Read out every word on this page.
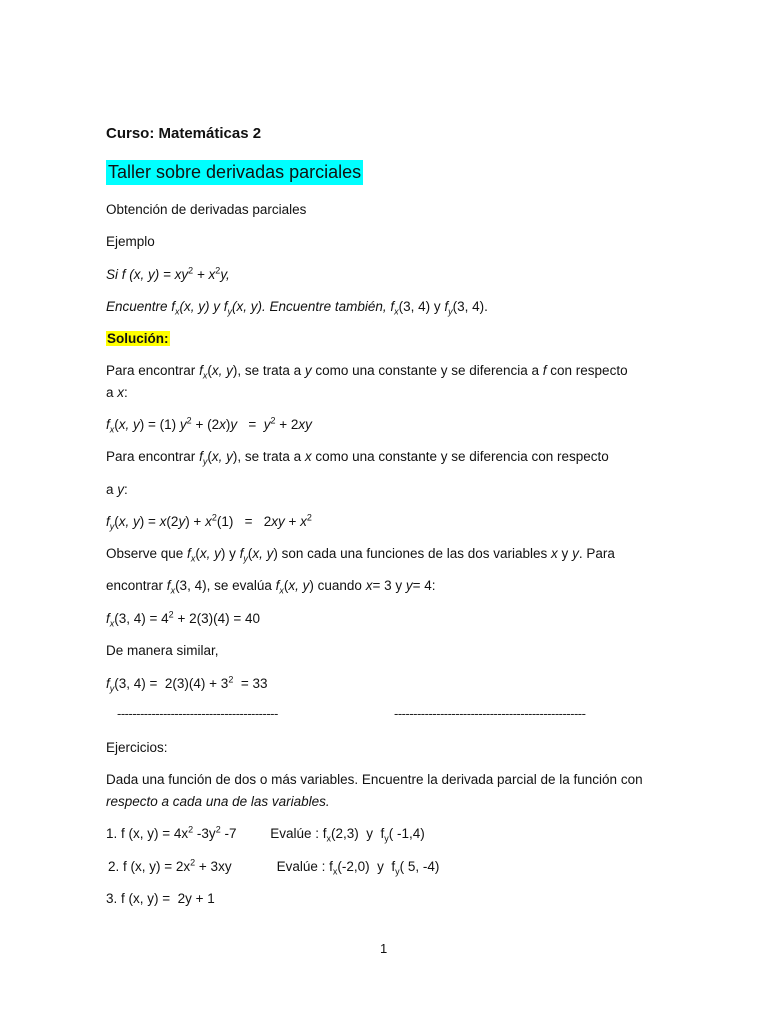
Curso: Matemáticas 2
Taller sobre derivadas parciales
Obtención de derivadas parciales
Ejemplo
Si f (x, $y) = xy^2 + x^2y$,
Encuentre $f_x(x$, y) y $f_y(x$, y). Encuentre también, $f_x(3$, 4) y $f_y(3$, 4).
Solución:
Para encontrar $f_x(x$, y), se trata a y como una constante y se diferencia a f con respecto
a x:
$f_x(x$, y) = (1) $y^2 + (2x)y = y^2 + 2xy$
Para encontrar $f_y(x$, y), se trata a x como una constante y se diferencia con respecto
a y:
$f_y(x$, $y) = x(2y) + x^2(1) = 2xy + x^2$
Observe que $f_x(x$, y) y $f_y(x$, y) son cada una funciones de las dos variables x y y. Para
encontrar $f_x(3$, 4), se evalúa $f_x(x$, y) cuando x= 3 y y= 4:
$f_x(3$, $4) = 4^2 + 2(3)(4) = 40$
De manera similar,
$f_y(3$, $4) = 2(3)(4) + 3^2 = 33$
------------------------------------------	--------------------------------------------------
Ejercicios:
Dada una función de dos o más variables. Encuentre la derivada parcial de la función con
respecto a cada una de las variables.
1. f (x, $y) = 4x^2$ $-3y^2$ -7         Evalúe : $f_x(2,3)$  y  $f_y$( -1,4)
2. f (x, $y) = 2x^2 + 3xy$            Evalúe : $f_x(-2,0)$  y  $f_y$( 5, -4)
3. f (x, y) =  2y + 1
1
